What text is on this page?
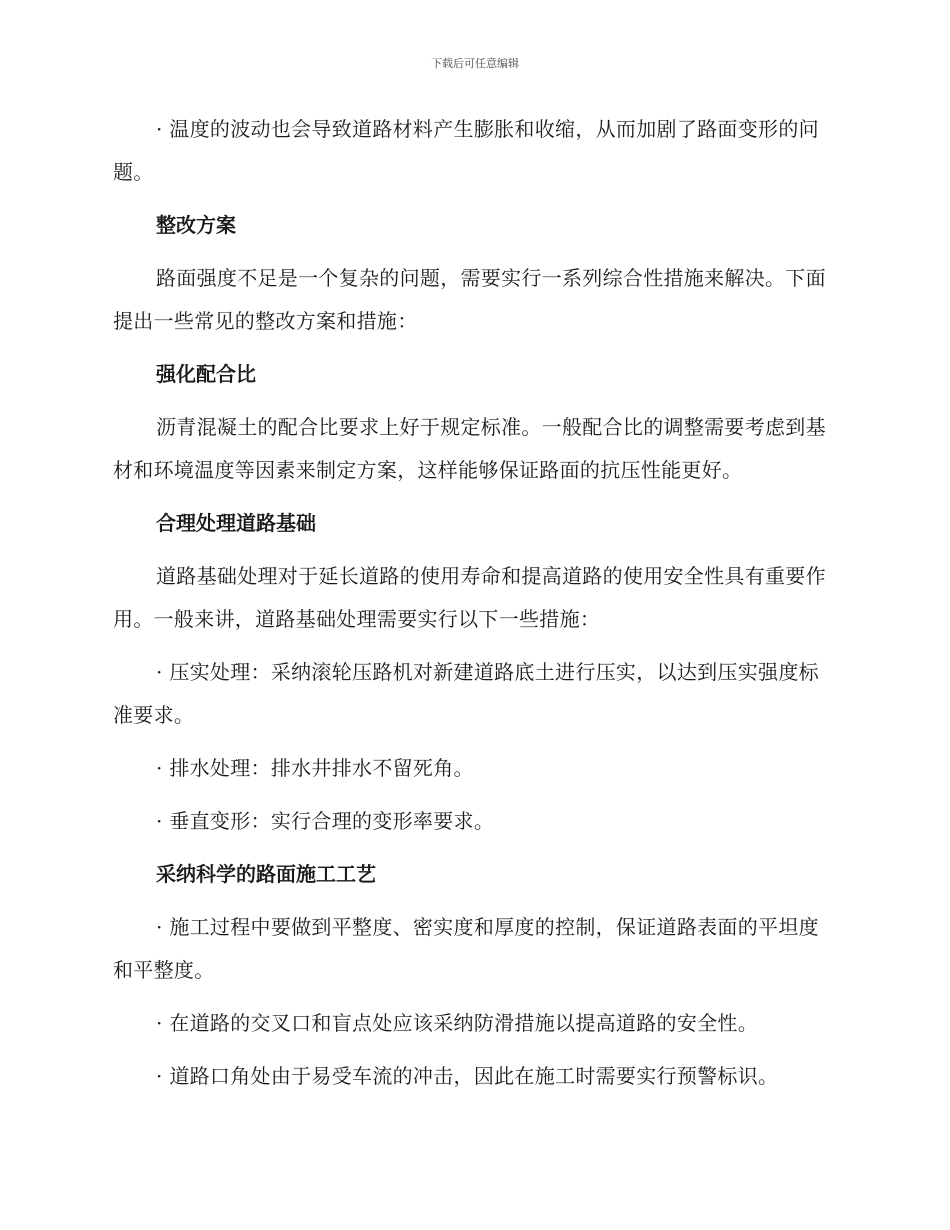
下载后可任意编辑

· 温度的波动也会导致道路材料产生膨胀和收缩，从而加剧了路面变形的问题。

整改方案

路面强度不足是一个复杂的问题，需要实行一系列综合性措施来解决。下面提出一些常见的整改方案和措施：

强化配合比

沥青混凝土的配合比要求上好于规定标准。一般配合比的调整需要考虑到基材和环境温度等因素来制定方案，这样能够保证路面的抗压性能更好。

合理处理道路基础

道路基础处理对于延长道路的使用寿命和提高道路的使用安全性具有重要作用。一般来讲，道路基础处理需要实行以下一些措施：

· 压实处理：采纳滚轮压路机对新建道路底土进行压实，以达到压实强度标准要求。

· 排水处理：排水井排水不留死角。

· 垂直变形：实行合理的变形率要求。

采纳科学的路面施工工艺

· 施工过程中要做到平整度、密实度和厚度的控制，保证道路表面的平坦度和平整度。

· 在道路的交叉口和盲点处应该采纳防滑措施以提高道路的安全性。

· 道路口角处由于易受车流的冲击，因此在施工时需要实行预警标识。
